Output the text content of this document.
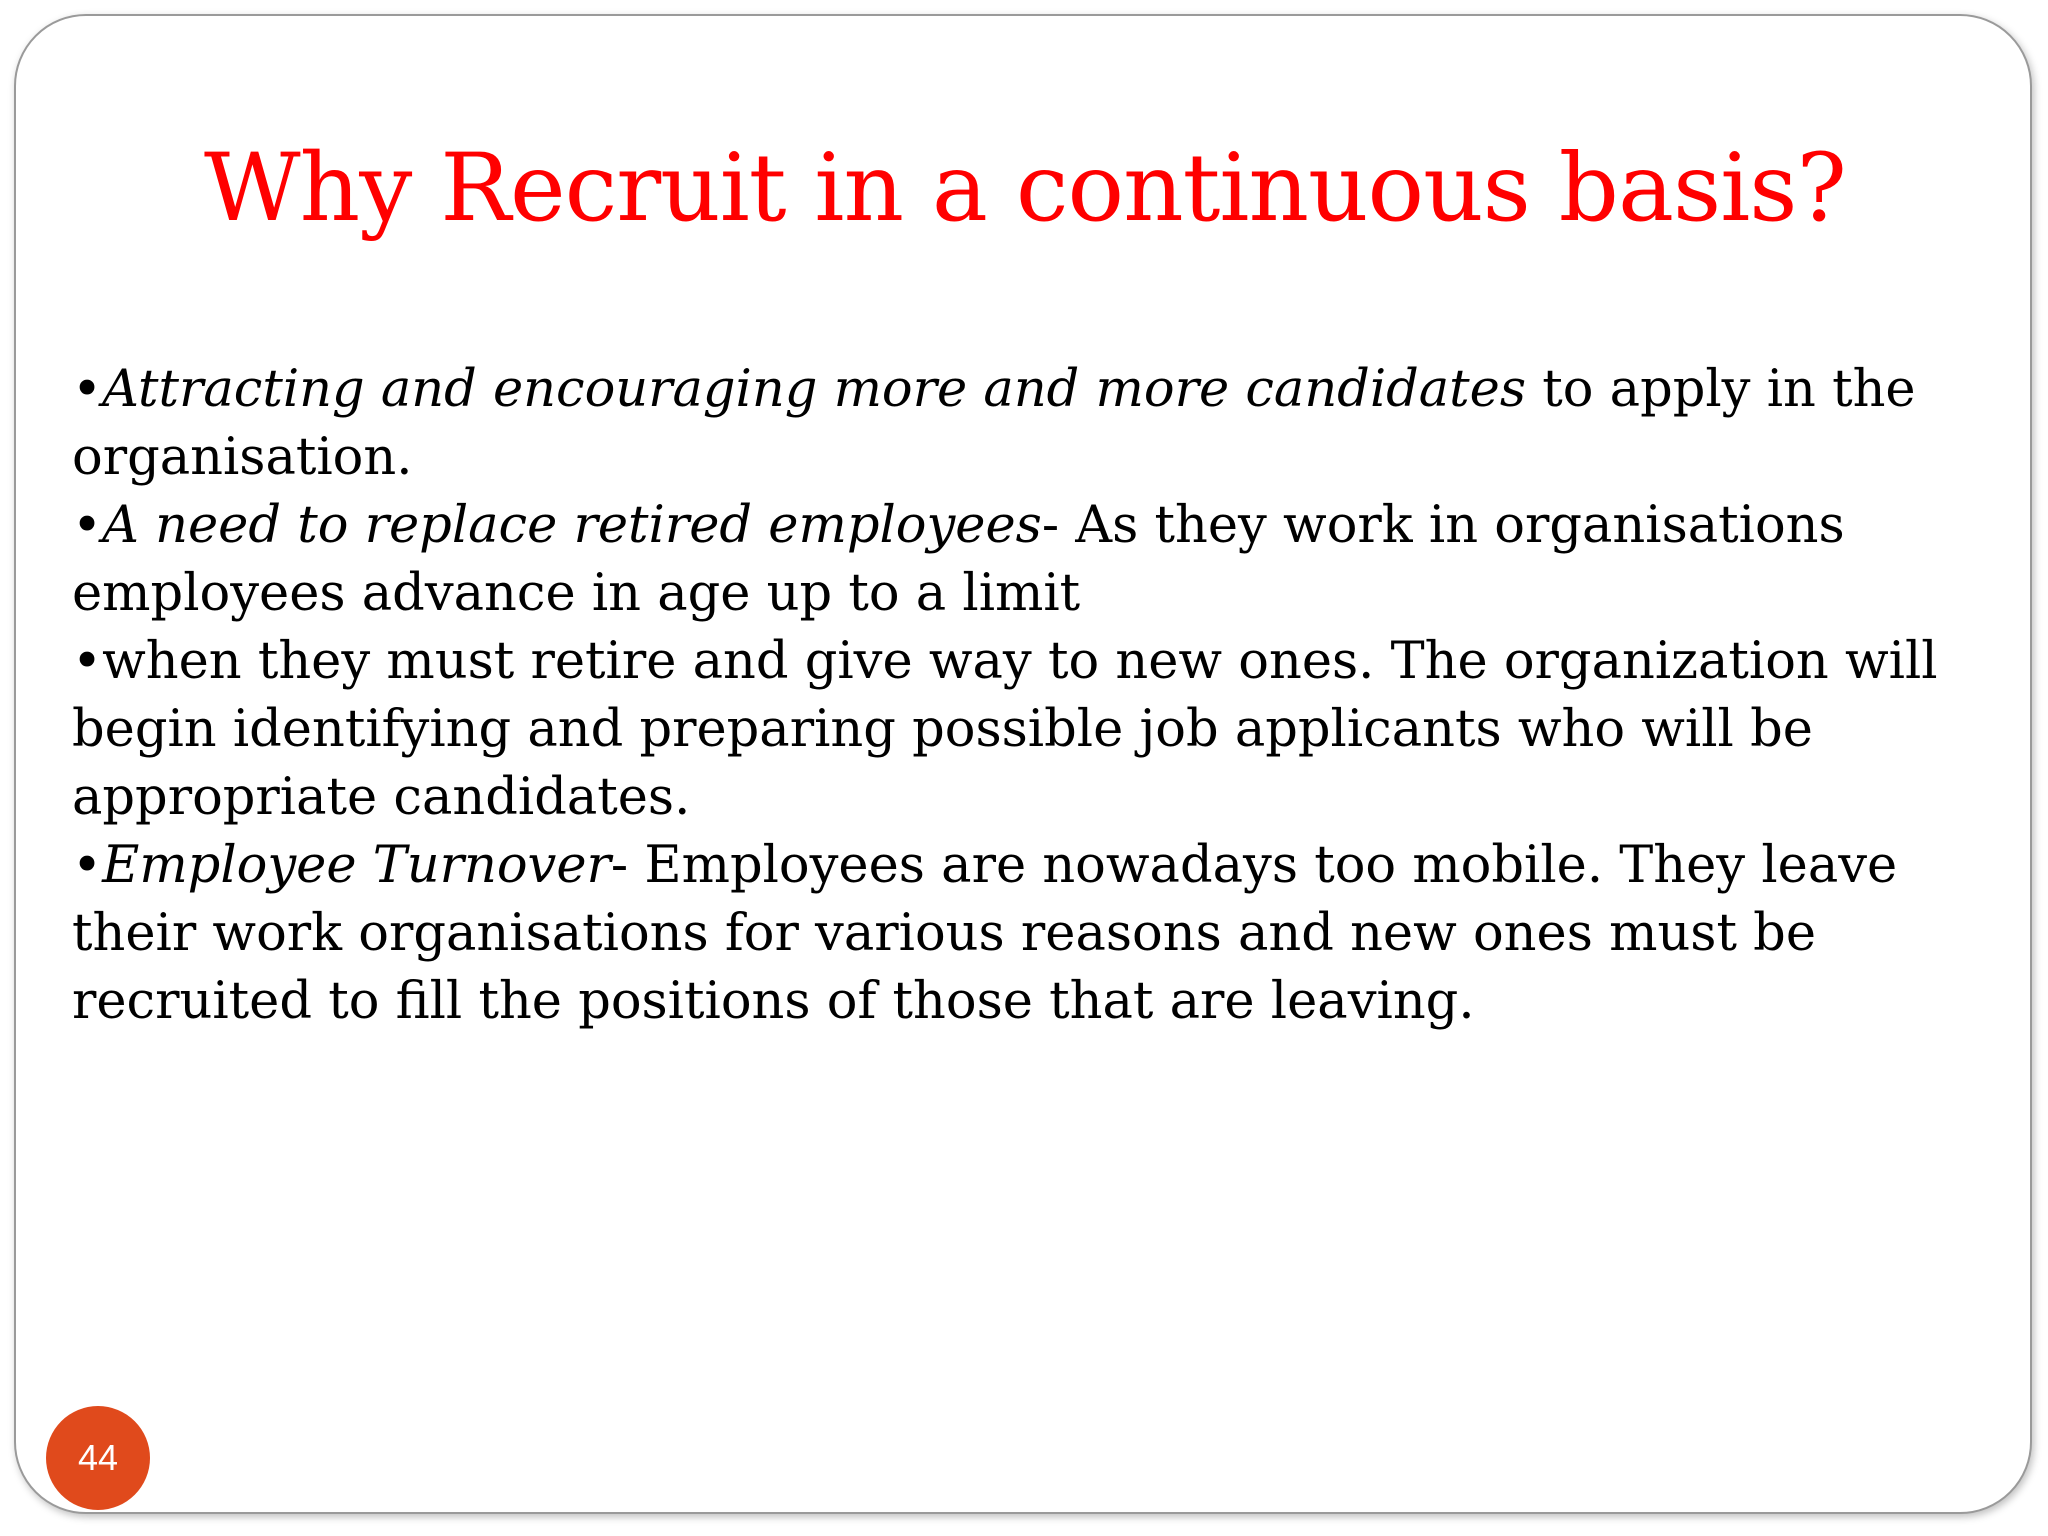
Why Recruit in a continuous basis?

•Attracting and encouraging more and more candidates to apply in the organisation.

•A need to replace retired employees- As they work in organisations employees advance in age up to a limit

•when they must retire and give way to new ones. The organization will begin identifying and preparing possible job applicants who will be appropriate candidates.

•Employee Turnover- Employees are nowadays too mobile. They leave their work organisations for various reasons and new ones must be recruited to fill the positions of those that are leaving.

44
